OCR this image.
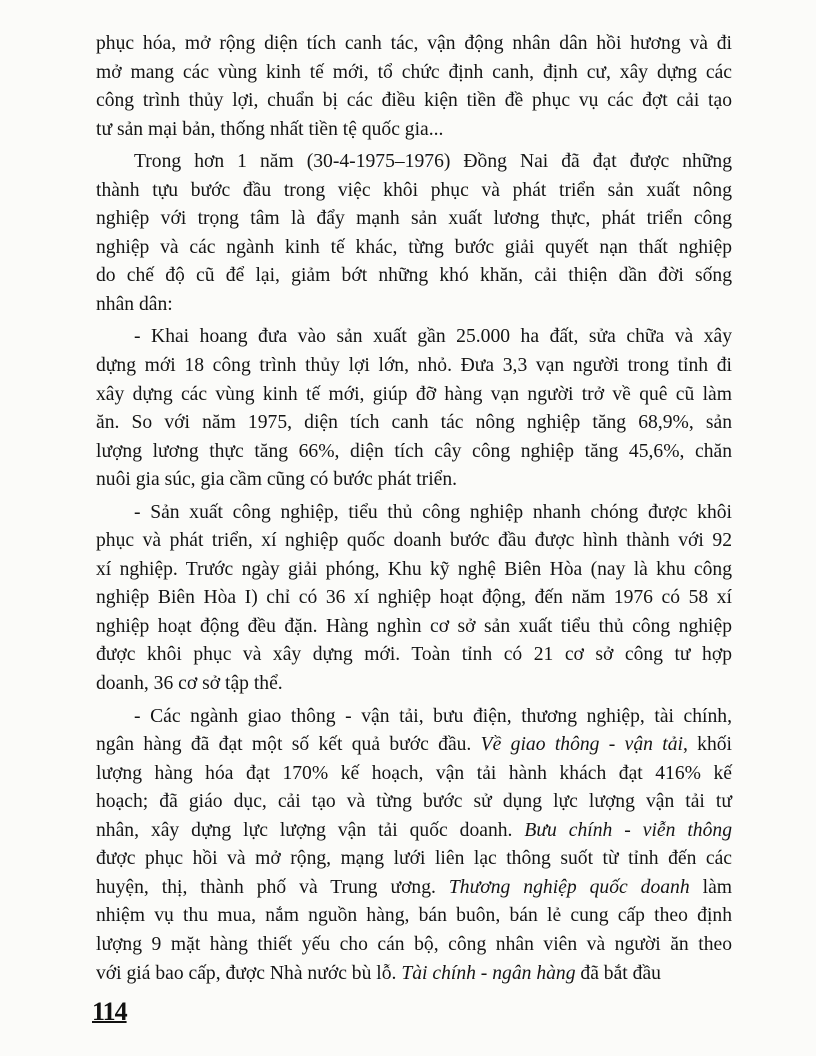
phục hóa, mở rộng diện tích canh tác, vận động nhân dân hồi hương và đi

mở mang các vùng kinh tế mới, tổ chức định canh, định cư, xây dựng các

công trình thủy lợi, chuẩn bị các điều kiện tiền đề phục vụ các đợt cải tạo

tư sản mại bản, thống nhất tiền tệ quốc gia...

Trong hơn 1 năm (30-4-1975–1976) Đồng Nai đã đạt được những

thành tựu bước đầu trong việc khôi phục và phát triển sản xuất nông

nghiệp với trọng tâm là đẩy mạnh sản xuất lương thực, phát triển công

nghiệp và các ngành kinh tế khác, từng bước giải quyết nạn thất nghiệp

do chế độ cũ để lại, giảm bớt những khó khăn, cải thiện dần đời sống

nhân dân:

- Khai hoang đưa vào sản xuất gần 25.000 ha đất, sửa chữa và xây

dựng mới 18 công trình thủy lợi lớn, nhỏ. Đưa 3,3 vạn người trong tỉnh đi

xây dựng các vùng kinh tế mới, giúp đỡ hàng vạn người trở về quê cũ làm

ăn. So với năm 1975, diện tích canh tác nông nghiệp tăng 68,9%, sản

lượng lương thực tăng 66%, diện tích cây công nghiệp tăng 45,6%, chăn

nuôi gia súc, gia cầm cũng có bước phát triển.

- Sản xuất công nghiệp, tiểu thủ công nghiệp nhanh chóng được khôi

phục và phát triển, xí nghiệp quốc doanh bước đầu được hình thành với 92

xí nghiệp. Trước ngày giải phóng, Khu kỹ nghệ Biên Hòa (nay là khu công

nghiệp Biên Hòa I) chỉ có 36 xí nghiệp hoạt động, đến năm 1976 có 58 xí

nghiệp hoạt động đều đặn. Hàng nghìn cơ sở sản xuất tiểu thủ công nghiệp

được khôi phục và xây dựng mới. Toàn tỉnh có 21 cơ sở công tư hợp

doanh, 36 cơ sở tập thể.

- Các ngành giao thông - vận tải, bưu điện, thương nghiệp, tài chính,

ngân hàng đã đạt một số kết quả bước đầu. Về giao thông - vận tải, khối

lượng hàng hóa đạt 170% kế hoạch, vận tải hành khách đạt 416% kế

hoạch; đã giáo dục, cải tạo và từng bước sử dụng lực lượng vận tải tư

nhân, xây dựng lực lượng vận tải quốc doanh. Bưu chính - viễn thông

được phục hồi và mở rộng, mạng lưới liên lạc thông suốt từ tỉnh đến các

huyện, thị, thành phố và Trung ương. Thương nghiệp quốc doanh làm

nhiệm vụ thu mua, nắm nguồn hàng, bán buôn, bán lẻ cung cấp theo định

lượng 9 mặt hàng thiết yếu cho cán bộ, công nhân viên và người ăn theo

với giá bao cấp, được Nhà nước bù lỗ. Tài chính - ngân hàng đã bắt đầu

114
